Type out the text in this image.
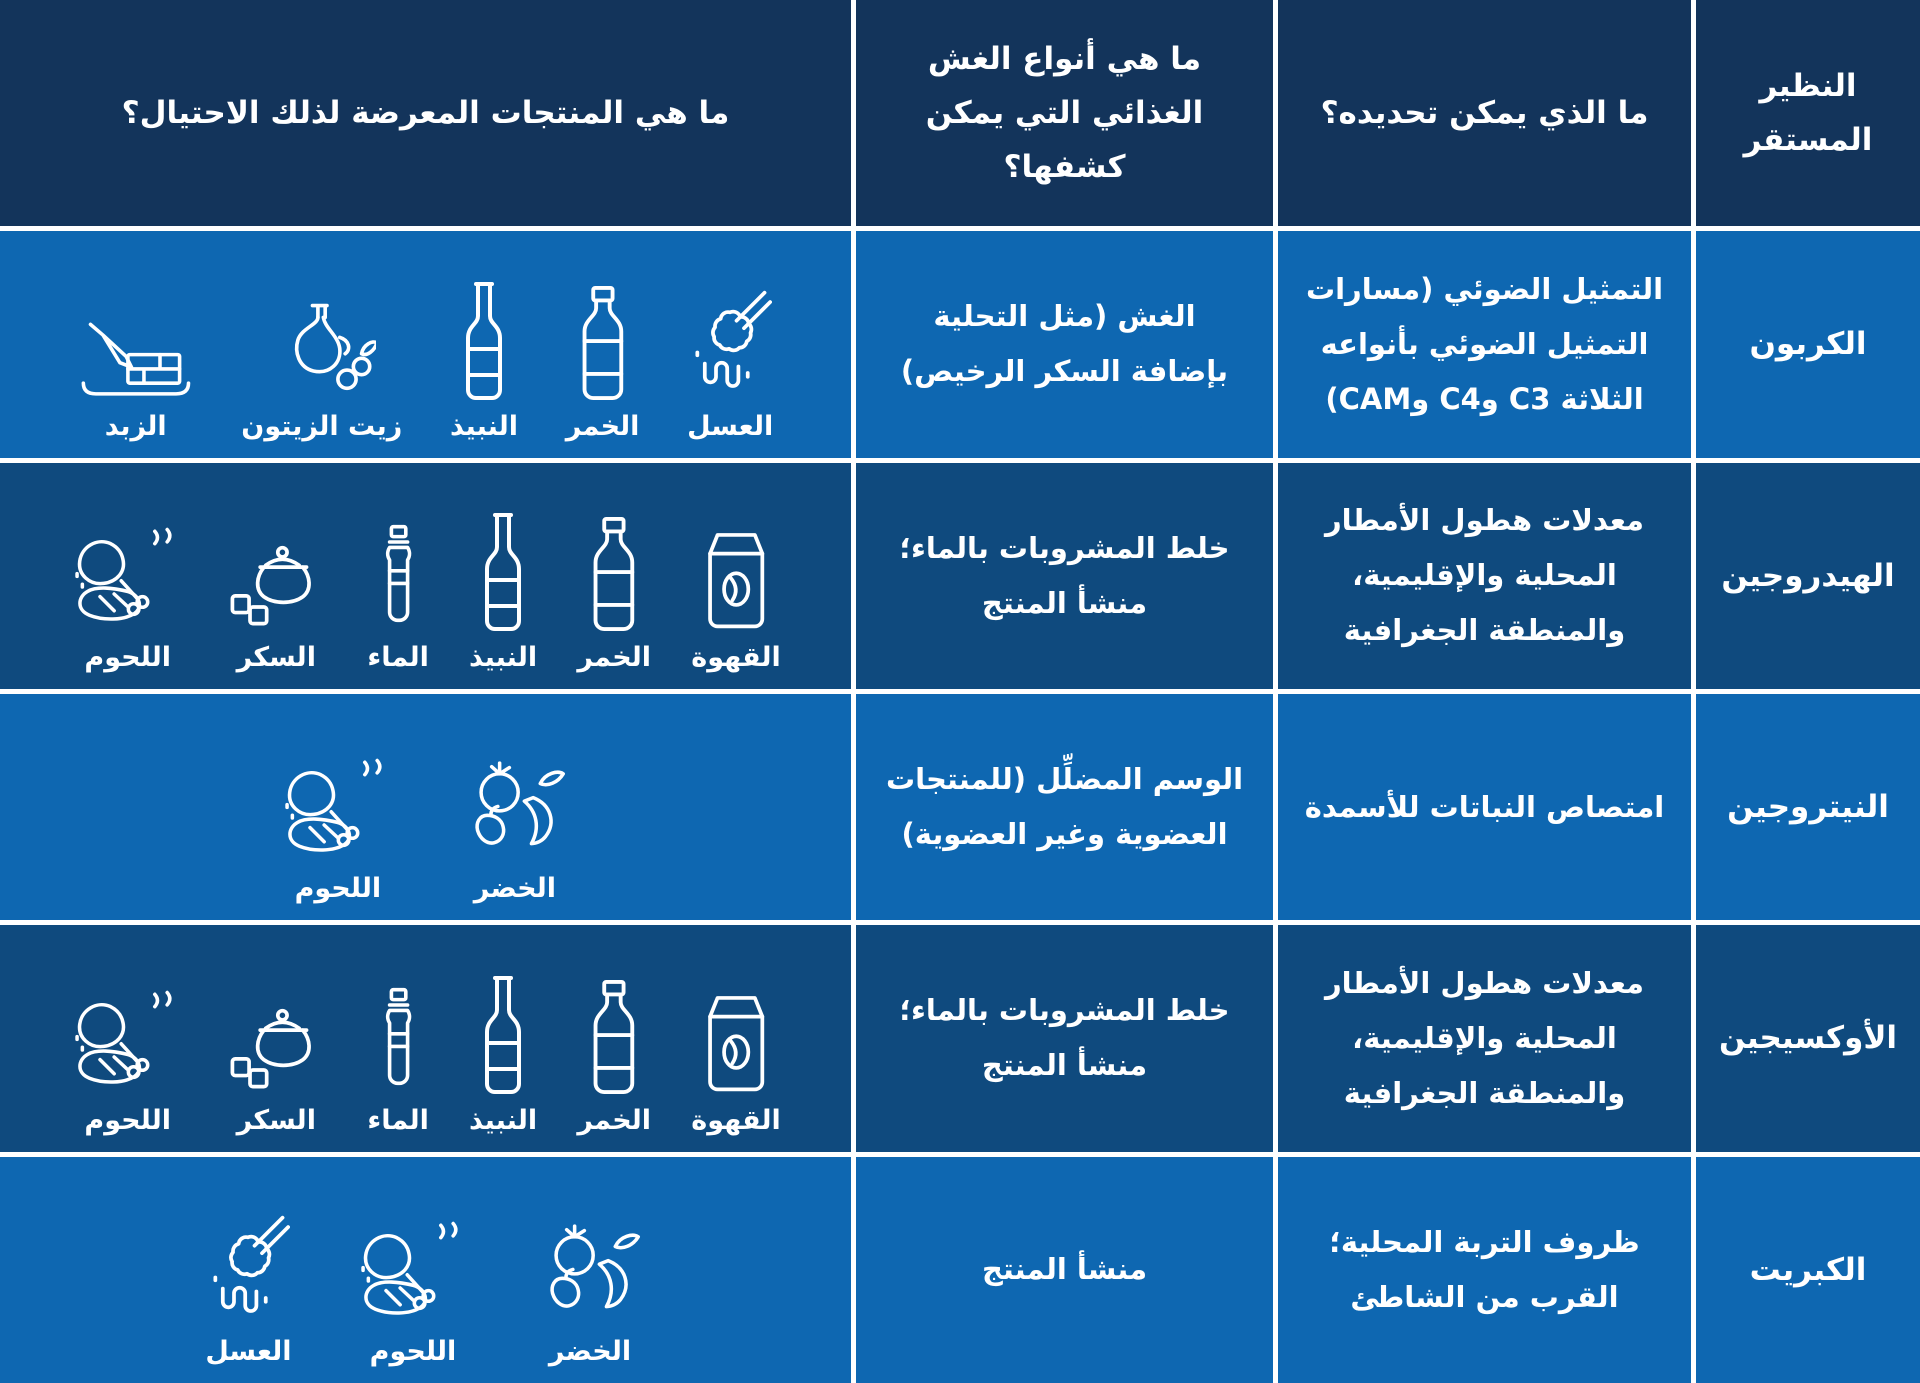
النظير المستقر
ما الذي يمكن تحديده؟
ما هي أنواع الغش الغذائي التي يمكن كشفها؟
ما هي المنتجات المعرضة لذلك الاحتيال؟
الكربون
التمثيل الضوئي (مسارات التمثيل الضوئي بأنواعه الثلاثة C3 وC4 وCAM)
الغش (مثل التحلية بإضافة السكر الرخيص)
العسل
الخمر
النبيذ
زيت الزيتون
الزبد
الهيدروجين
معدلات هطول الأمطار المحلية والإقليمية، والمنطقة الجغرافية
خلط المشروبات بالماء؛ منشأ المنتج
القهوة
الخمر
النبيذ
الماء
السكر
اللحوم
النيتروجين
امتصاص النباتات للأسمدة
الوسم المضلِّل (للمنتجات العضوية وغير العضوية)
الخضر
اللحوم
الأوكسيجين
معدلات هطول الأمطار المحلية والإقليمية، والمنطقة الجغرافية
خلط المشروبات بالماء؛ منشأ المنتج
القهوة
الخمر
النبيذ
الماء
السكر
اللحوم
الكبريت
ظروف التربة المحلية؛ القرب من الشاطئ
منشأ المنتج
الخضر
اللحوم
العسل
